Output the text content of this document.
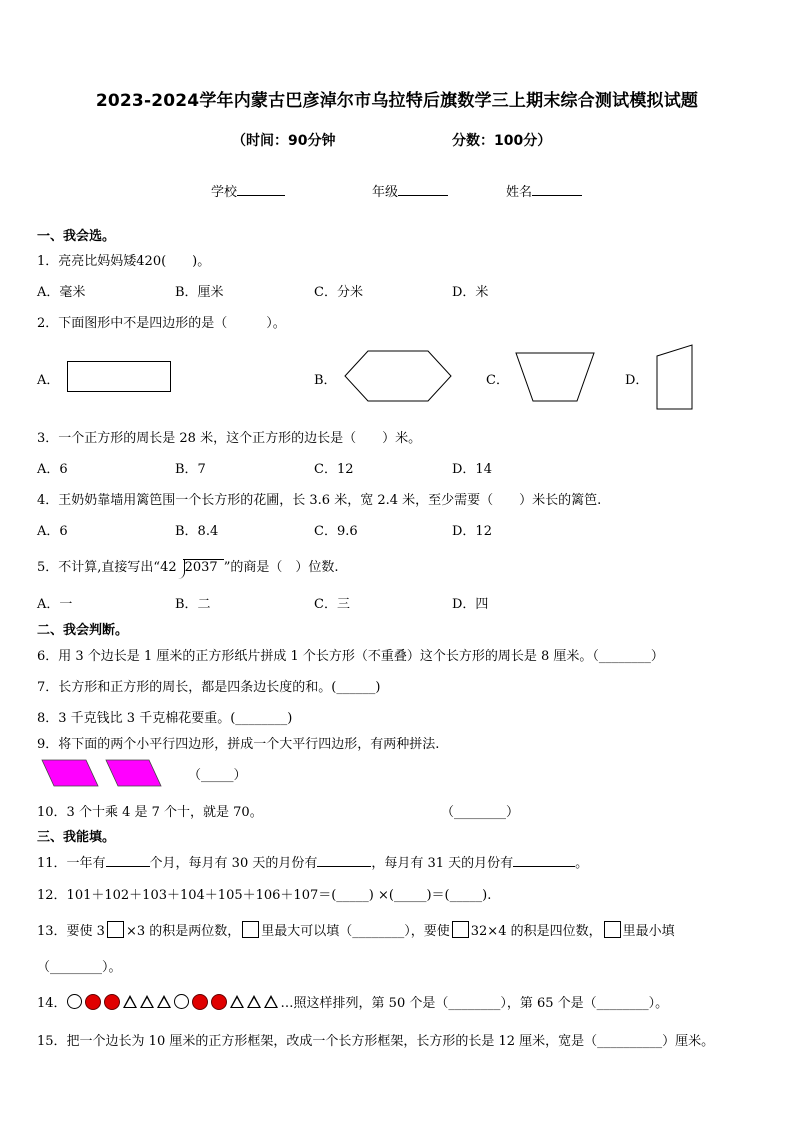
2023-2024学年内蒙古巴彦淖尔市乌拉特后旗数学三上期末综合测试模拟试题
（时间：90分钟	分数：100分）
学校	年级	姓名
一、我会选。
1．亮亮比妈妈矮420(　　)。
A．毫米	B．厘米	C．分米	D．米
2．下面图形中不是四边形的是（　　　）。
A．	B．	C．	D．
3．一个正方形的周长是 28 米，这个正方形的边长是（　　）米。
A．6	B．7	C．12	D．14
4．王奶奶靠墙用篱笆围一个长方形的花圃，长 3.6 米，宽 2.4 米，至少需要（　　）米长的篱笆.
A．6	B．8.4	C．9.6	D．12
5．不计算,直接写出“42 2037 ”的商是（　）位数.
A．一	B．二	C．三	D．四
二、我会判断。
6．用 3 个边长是 1 厘米的正方形纸片拼成 1 个长方形（不重叠）这个长方形的周长是 8 厘米。（________）
7．长方形和正方形的周长，都是四条边长度的和。(______)
8．3 千克钱比 3 千克棉花要重。(________)
9．将下面的两个小平行四边形，拼成一个大平行四边形，有两种拼法.
（_____）
10．3 个十乘 4 是 7 个十，就是 70。	（________）
三、我能填。
11．一年有	个月，每月有 30 天的月份有	，每月有 31 天的月份有	。
12．101＋102＋103＋104＋105＋106＋107＝(_____) ×(_____)＝(_____).
13．要使 3 ×3 的积是两位数， 里最大可以填（________），要使 32×4 的积是四位数， 里最小填
（________）。
14．	…照这样排列，第 50 个是（________），第 65 个是（________）。
15．把一个边长为 10 厘米的正方形框架，改成一个长方形框架，长方形的长是 12 厘米，宽是（__________）厘米。
